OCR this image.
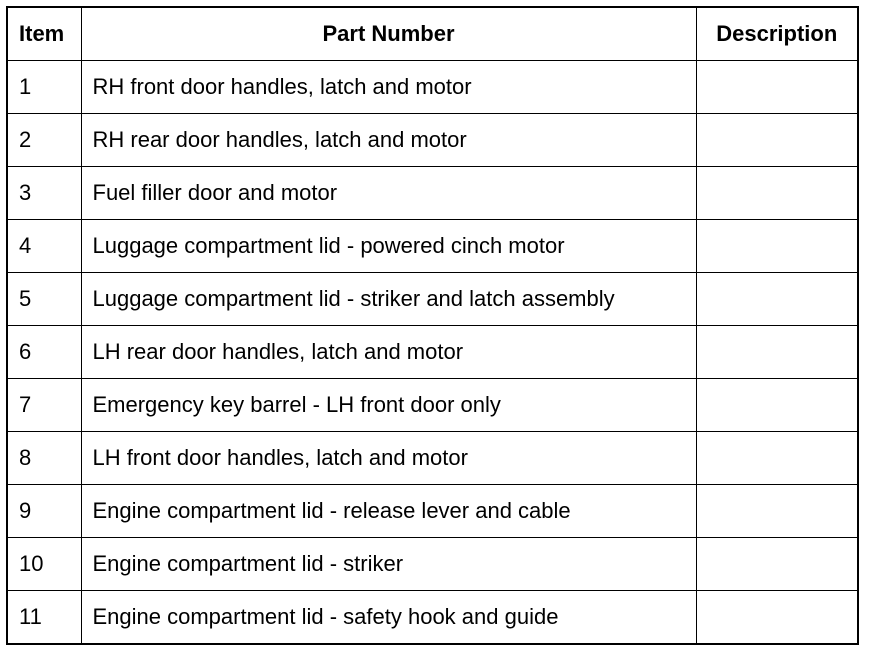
Item	Part Number	Description
1	RH front door handles, latch and motor	
2	RH rear door handles, latch and motor	
3	Fuel filler door and motor	
4	Luggage compartment lid - powered cinch motor	
5	Luggage compartment lid - striker and latch assembly	
6	LH rear door handles, latch and motor	
7	Emergency key barrel - LH front door only	
8	LH front door handles, latch and motor	
9	Engine compartment lid - release lever and cable	
10	Engine compartment lid - striker	
11	Engine compartment lid - safety hook and guide	
